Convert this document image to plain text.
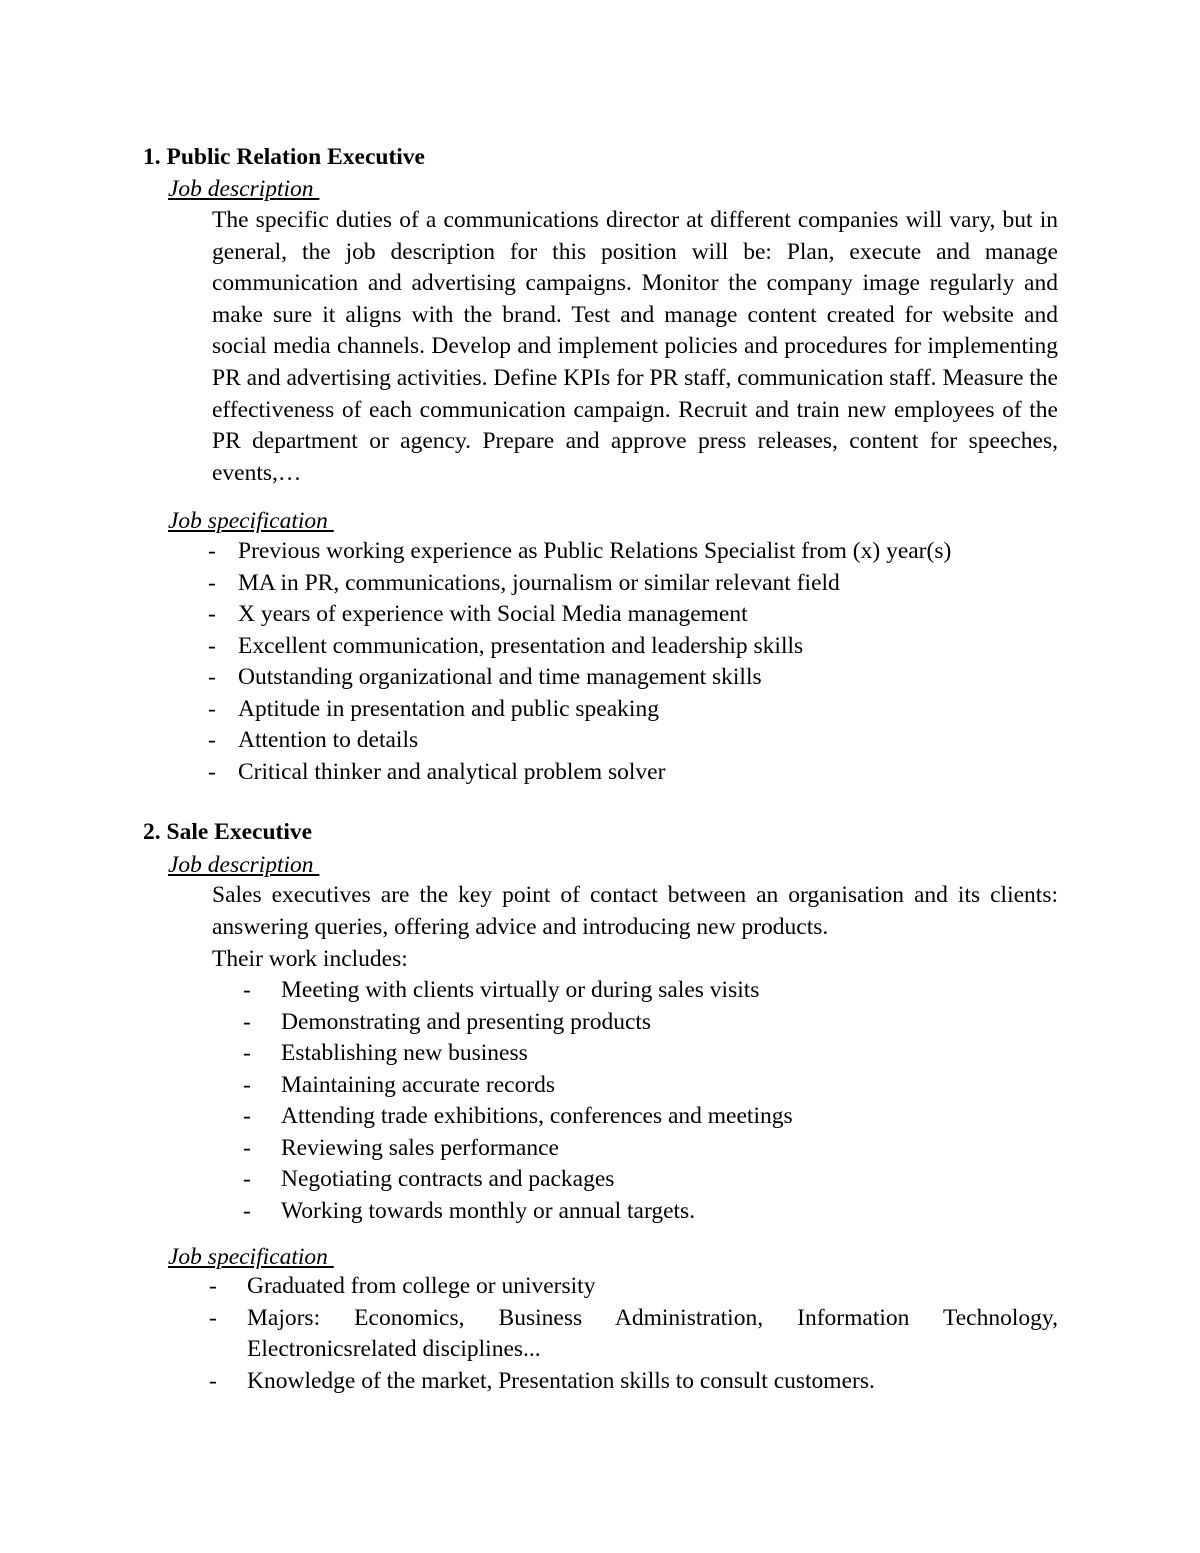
1. Public Relation Executive
Job description

The specific duties of a communications director at different companies will vary, but in general, the job description for this position will be: Plan, execute and manage communication and advertising campaigns. Monitor the company image regularly and make sure it aligns with the brand. Test and manage content created for website and social media channels. Develop and implement policies and procedures for implementing PR and advertising activities. Define KPIs for PR staff, communication staff. Measure the effectiveness of each communication campaign. Recruit and train new employees of the PR department or agency. Prepare and approve press releases, content for speeches, events,…

Job specification
- Previous working experience as Public Relations Specialist from (x) year(s)
- MA in PR, communications, journalism or similar relevant field
- X years of experience with Social Media management
- Excellent communication, presentation and leadership skills
- Outstanding organizational and time management skills
- Aptitude in presentation and public speaking
- Attention to details
- Critical thinker and analytical problem solver
2. Sale Executive
Job description

Sales executives are the key point of contact between an organisation and its clients: answering queries, offering advice and introducing new products.

Their work includes:

- Meeting with clients virtually or during sales visits
- Demonstrating and presenting products
- Establishing new business
- Maintaining accurate records
- Attending trade exhibitions, conferences and meetings
- Reviewing sales performance
- Negotiating contracts and packages
- Working towards monthly or annual targets.
Job specification
- Graduated from college or university
- Majors: Economics, Business Administration, Information Technology, Electronicsrelated disciplines...
- Knowledge of the market, Presentation skills to consult customers.
